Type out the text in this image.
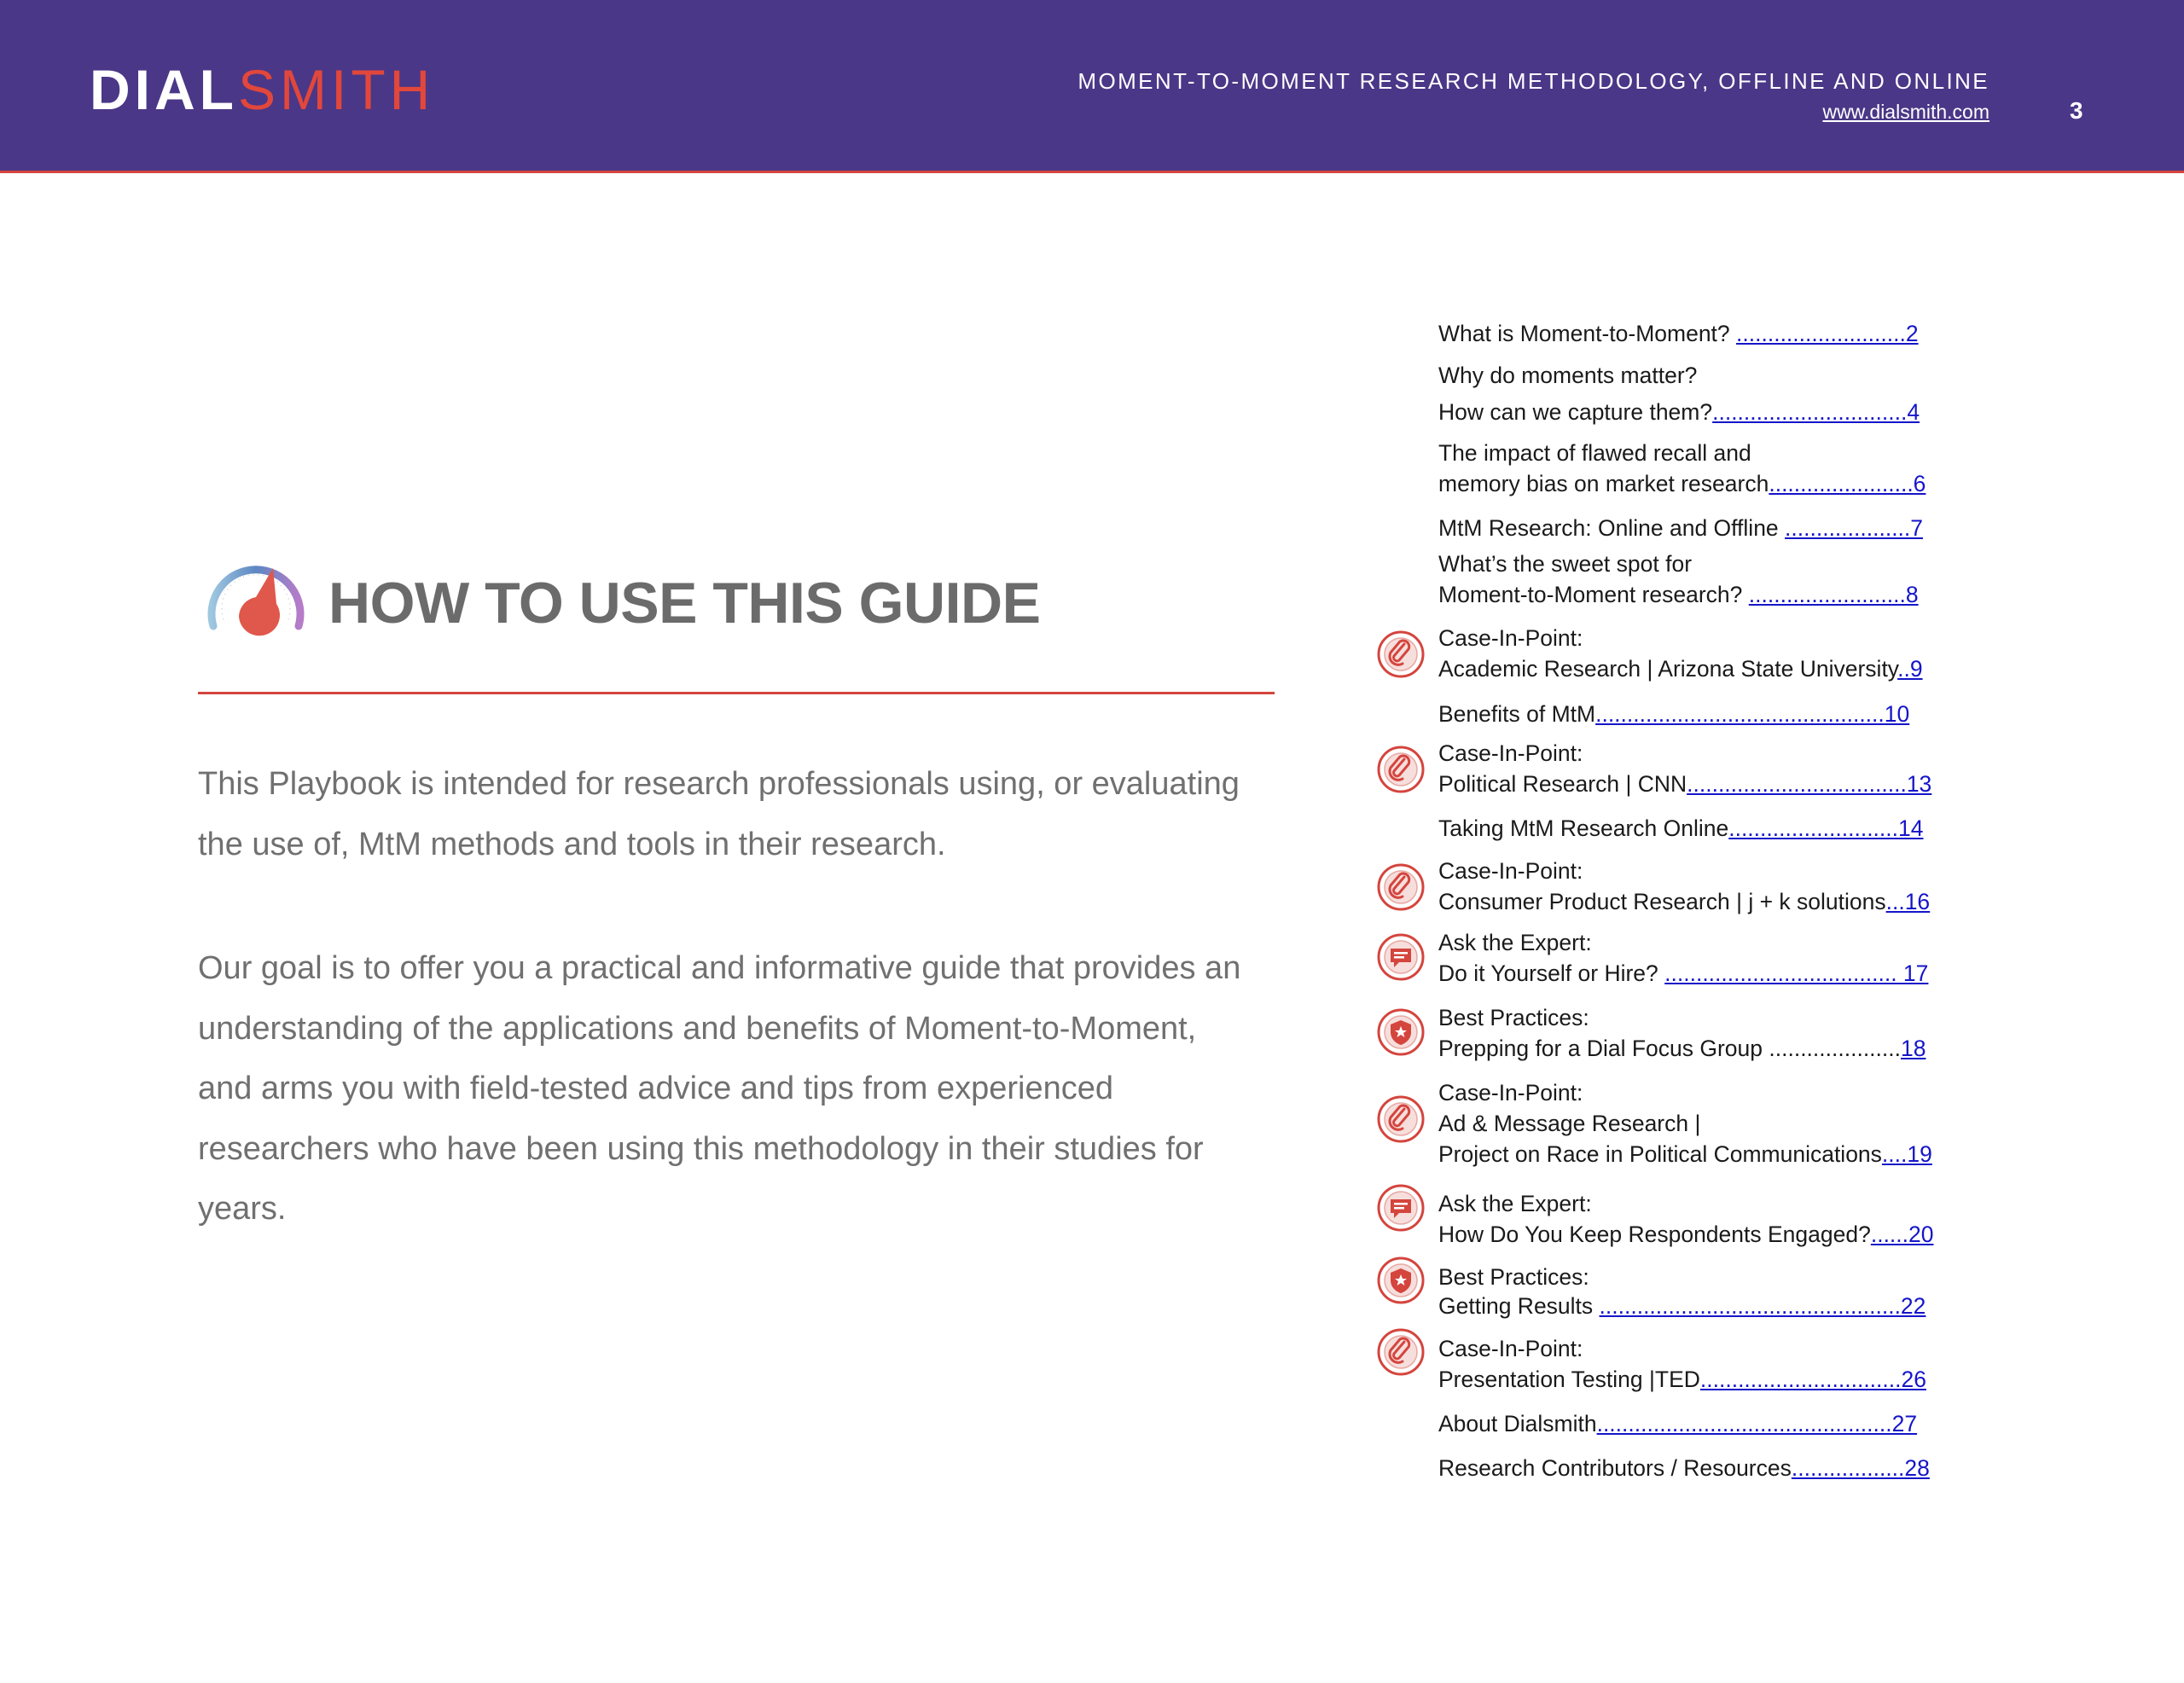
DIALSMITH	MOMENT-TO-MOMENT RESEARCH METHODOLOGY, OFFLINE AND ONLINE
www.dialsmith.com	3
HOW TO USE THIS GUIDE

This Playbook is intended for research professionals using, or evaluating the use of, MtM methods and tools in their research.

Our goal is to offer you a practical and informative guide that provides an understanding of the applications and benefits of Moment-to-Moment, and arms you with field-tested advice and tips from experienced researchers who have been using this methodology in their studies for years.

What is Moment-to-Moment? ...........................2
Why do moments matter?
How can we capture them?...............................4
The impact of flawed recall and
memory bias on market research.......................6
MtM Research: Online and Offline ....................7
What’s the sweet spot for
Moment-to-Moment research? .........................8
Case-In-Point:
Academic Research | Arizona State University..9
Benefits of MtM..............................................10
Case-In-Point:
Political Research | CNN...................................13
Taking MtM Research Online...........................14
Case-In-Point:
Consumer Product Research | j + k solutions...16
Ask the Expert:
Do it Yourself or Hire? ..................................... 17
Best Practices:
Prepping for a Dial Focus Group .....................18
Case-In-Point:
Ad & Message Research |
Project on Race in Political Communications....19
Ask the Expert:
How Do You Keep Respondents Engaged?......20
Best Practices:
Getting Results ................................................22
Case-In-Point:
Presentation Testing |TED................................26
About Dialsmith...............................................27
Research Contributors / Resources..................28
